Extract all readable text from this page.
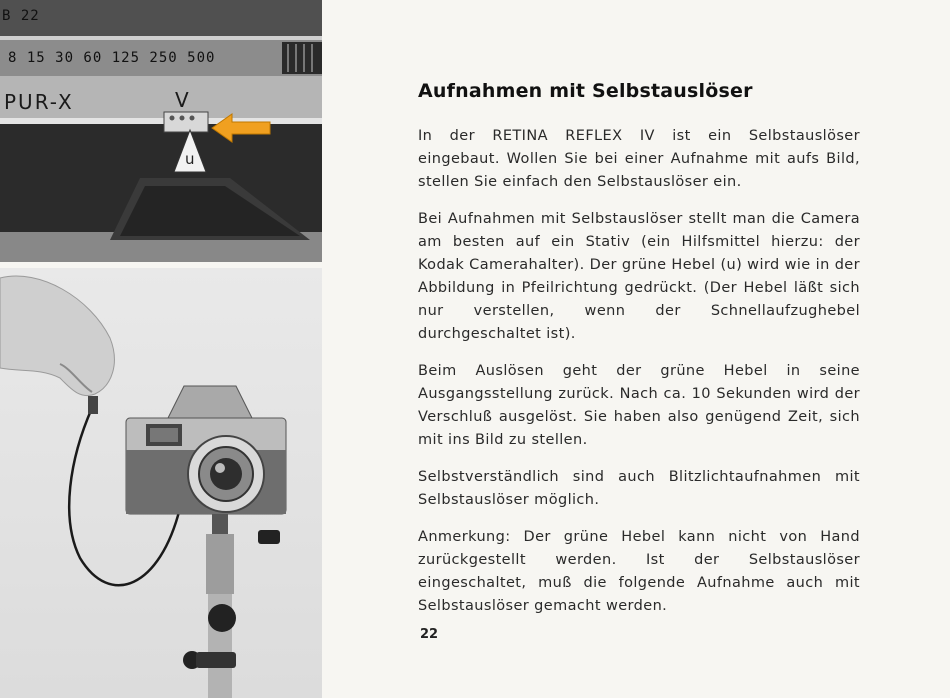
B 22
8 15 30 60 125 250 500
PUR-X	V
u
Aufnahmen mit Selbstauslöser

In der RETINA REFLEX IV ist ein Selbstauslöser eingebaut. Wollen Sie bei einer Aufnahme mit aufs Bild, stellen Sie einfach den Selbstauslöser ein.

Bei Aufnahmen mit Selbstauslöser stellt man die Camera am besten auf ein Stativ (ein Hilfsmittel hierzu: der Kodak Camerahalter). Der grüne Hebel (u) wird wie in der Abbildung in Pfeilrichtung gedrückt. (Der Hebel läßt sich nur verstellen, wenn der Schnellaufzughebel durchgeschaltet ist).

Beim Auslösen geht der grüne Hebel in seine Ausgangsstellung zurück. Nach ca. 10 Sekunden wird der Verschluß ausgelöst. Sie haben also genügend Zeit, sich mit ins Bild zu stellen.

Selbstverständlich sind auch Blitzlichtaufnahmen mit Selbstauslöser möglich.

Anmerkung: Der grüne Hebel kann nicht von Hand zurückgestellt werden. Ist der Selbstauslöser eingeschaltet, muß die folgende Aufnahme auch mit Selbstauslöser gemacht werden.

22
